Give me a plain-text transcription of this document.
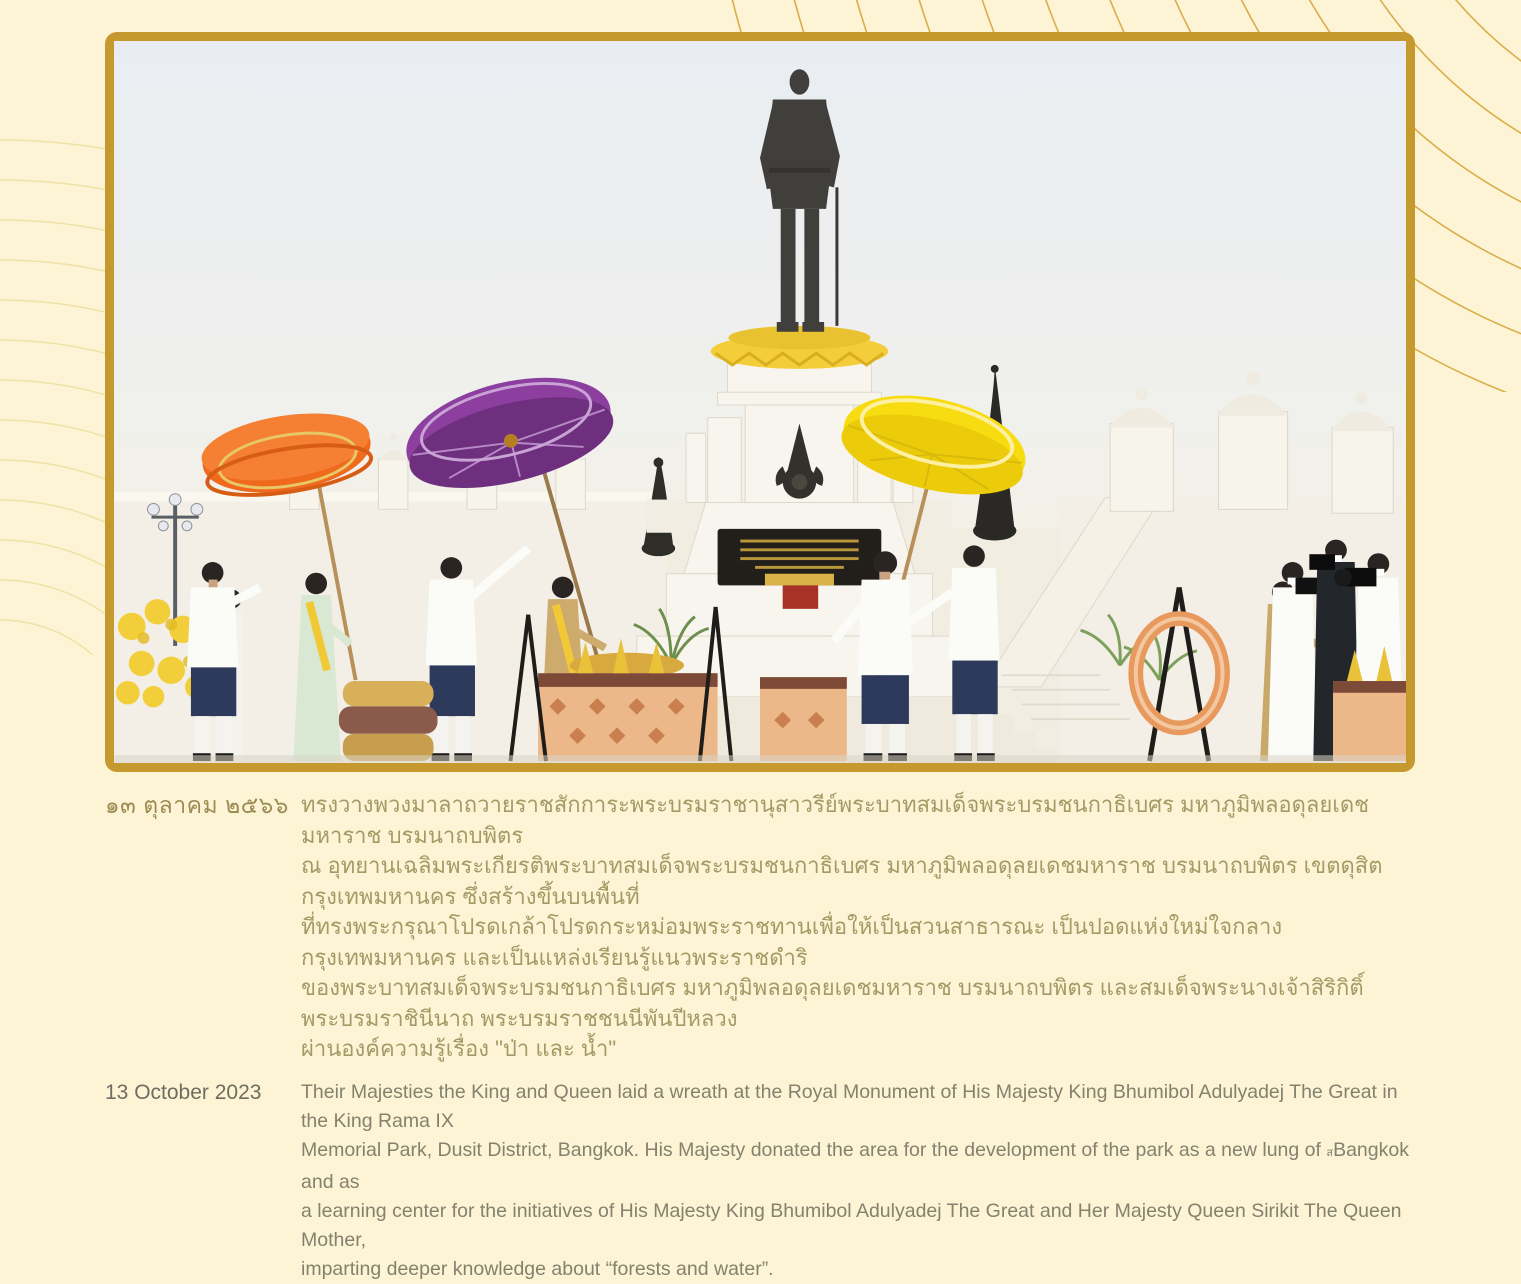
๑๓ ตุลาคม ๒๕๖๖ ทรงวางพวงมาลาถวายราชสักการะพระบรมราชานุสาวรีย์พระบาทสมเด็จพระบรมชนกาธิเบศร มหาภูมิพลอดุลยเดชมหาราช บรมนาถบพิตร
ณ อุทยานเฉลิมพระเกียรติพระบาทสมเด็จพระบรมชนกาธิเบศร มหาภูมิพลอดุลยเดชมหาราช บรมนาถบพิตร เขตดุสิต กรุงเทพมหานคร ซึ่งสร้างขึ้นบนพื้นที่
ที่ทรงพระกรุณาโปรดเกล้าโปรดกระหม่อมพระราชทานเพื่อให้เป็นสวนสาธารณะ เป็นปอดแห่งใหม่ใจกลางกรุงเทพมหานคร และเป็นแหล่งเรียนรู้แนวพระราชดำริ
ของพระบาทสมเด็จพระบรมชนกาธิเบศร มหาภูมิพลอดุลยเดชมหาราช บรมนาถบพิตร และสมเด็จพระนางเจ้าสิริกิติ์ พระบรมราชินีนาถ พระบรมราชชนนีพันปีหลวง
ผ่านองค์ความรู้เรื่อง "ป่า และ น้ำ"
13 October 2023	Their Majesties the King and Queen laid a wreath at the Royal Monument of His Majesty King Bhumibol Adulyadej The Great in the King Rama IX
Memorial Park, Dusit District, Bangkok. His Majesty donated the area for the development of the park as a new lung of สBangkok and as
a learning center for the initiatives of His Majesty King Bhumibol Adulyadej The Great and Her Majesty Queen Sirikit The Queen Mother,
imparting deeper knowledge about “forests and water”.
